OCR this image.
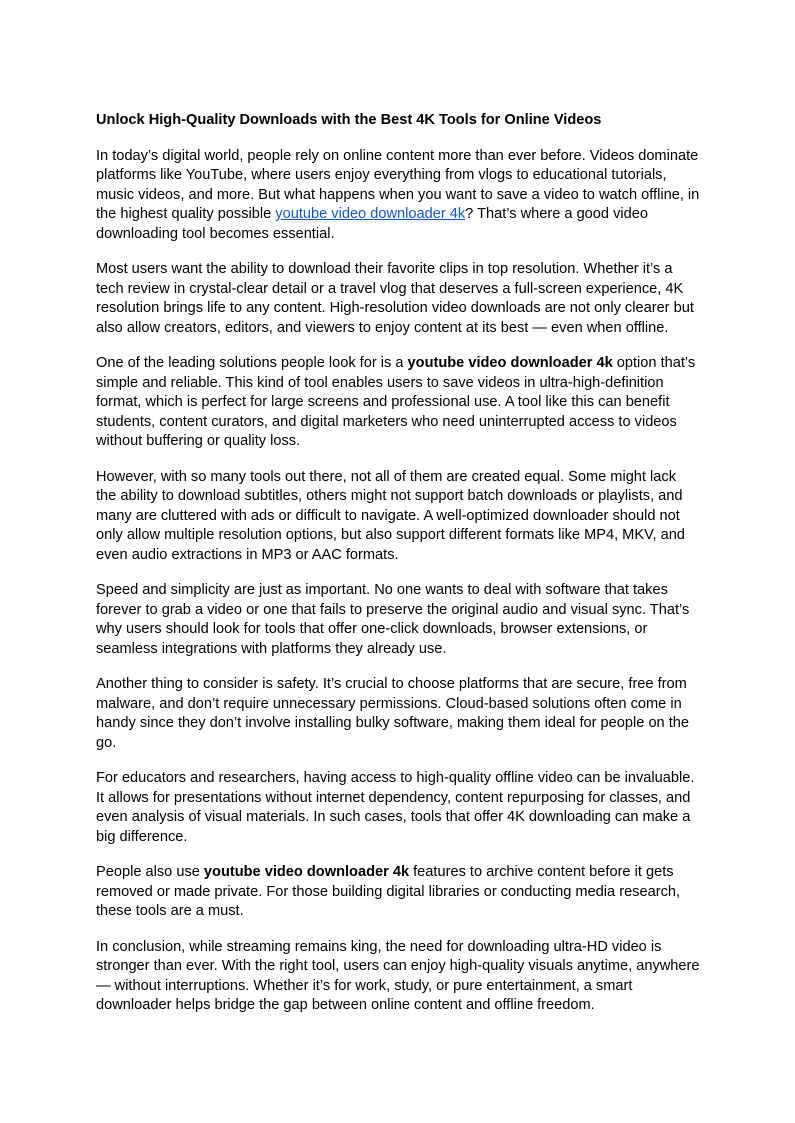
Unlock High-Quality Downloads with the Best 4K Tools for Online Videos

In today’s digital world, people rely on online content more than ever before. Videos dominate platforms like YouTube, where users enjoy everything from vlogs to educational tutorials, music videos, and more. But what happens when you want to save a video to watch offline, in the highest quality possible youtube video downloader 4k? That’s where a good video downloading tool becomes essential.

Most users want the ability to download their favorite clips in top resolution. Whether it’s a tech review in crystal-clear detail or a travel vlog that deserves a full-screen experience, 4K resolution brings life to any content. High-resolution video downloads are not only clearer but also allow creators, editors, and viewers to enjoy content at its best — even when offline.

One of the leading solutions people look for is a youtube video downloader 4k option that’s simple and reliable. This kind of tool enables users to save videos in ultra-high-definition format, which is perfect for large screens and professional use. A tool like this can benefit students, content curators, and digital marketers who need uninterrupted access to videos without buffering or quality loss.

However, with so many tools out there, not all of them are created equal. Some might lack the ability to download subtitles, others might not support batch downloads or playlists, and many are cluttered with ads or difficult to navigate. A well-optimized downloader should not only allow multiple resolution options, but also support different formats like MP4, MKV, and even audio extractions in MP3 or AAC formats.

Speed and simplicity are just as important. No one wants to deal with software that takes forever to grab a video or one that fails to preserve the original audio and visual sync. That’s why users should look for tools that offer one-click downloads, browser extensions, or seamless integrations with platforms they already use.

Another thing to consider is safety. It’s crucial to choose platforms that are secure, free from malware, and don’t require unnecessary permissions. Cloud-based solutions often come in handy since they don’t involve installing bulky software, making them ideal for people on the go.

For educators and researchers, having access to high-quality offline video can be invaluable. It allows for presentations without internet dependency, content repurposing for classes, and even analysis of visual materials. In such cases, tools that offer 4K downloading can make a big difference.

People also use youtube video downloader 4k features to archive content before it gets removed or made private. For those building digital libraries or conducting media research, these tools are a must.

In conclusion, while streaming remains king, the need for downloading ultra-HD video is stronger than ever. With the right tool, users can enjoy high-quality visuals anytime, anywhere — without interruptions. Whether it’s for work, study, or pure entertainment, a smart downloader helps bridge the gap between online content and offline freedom.
